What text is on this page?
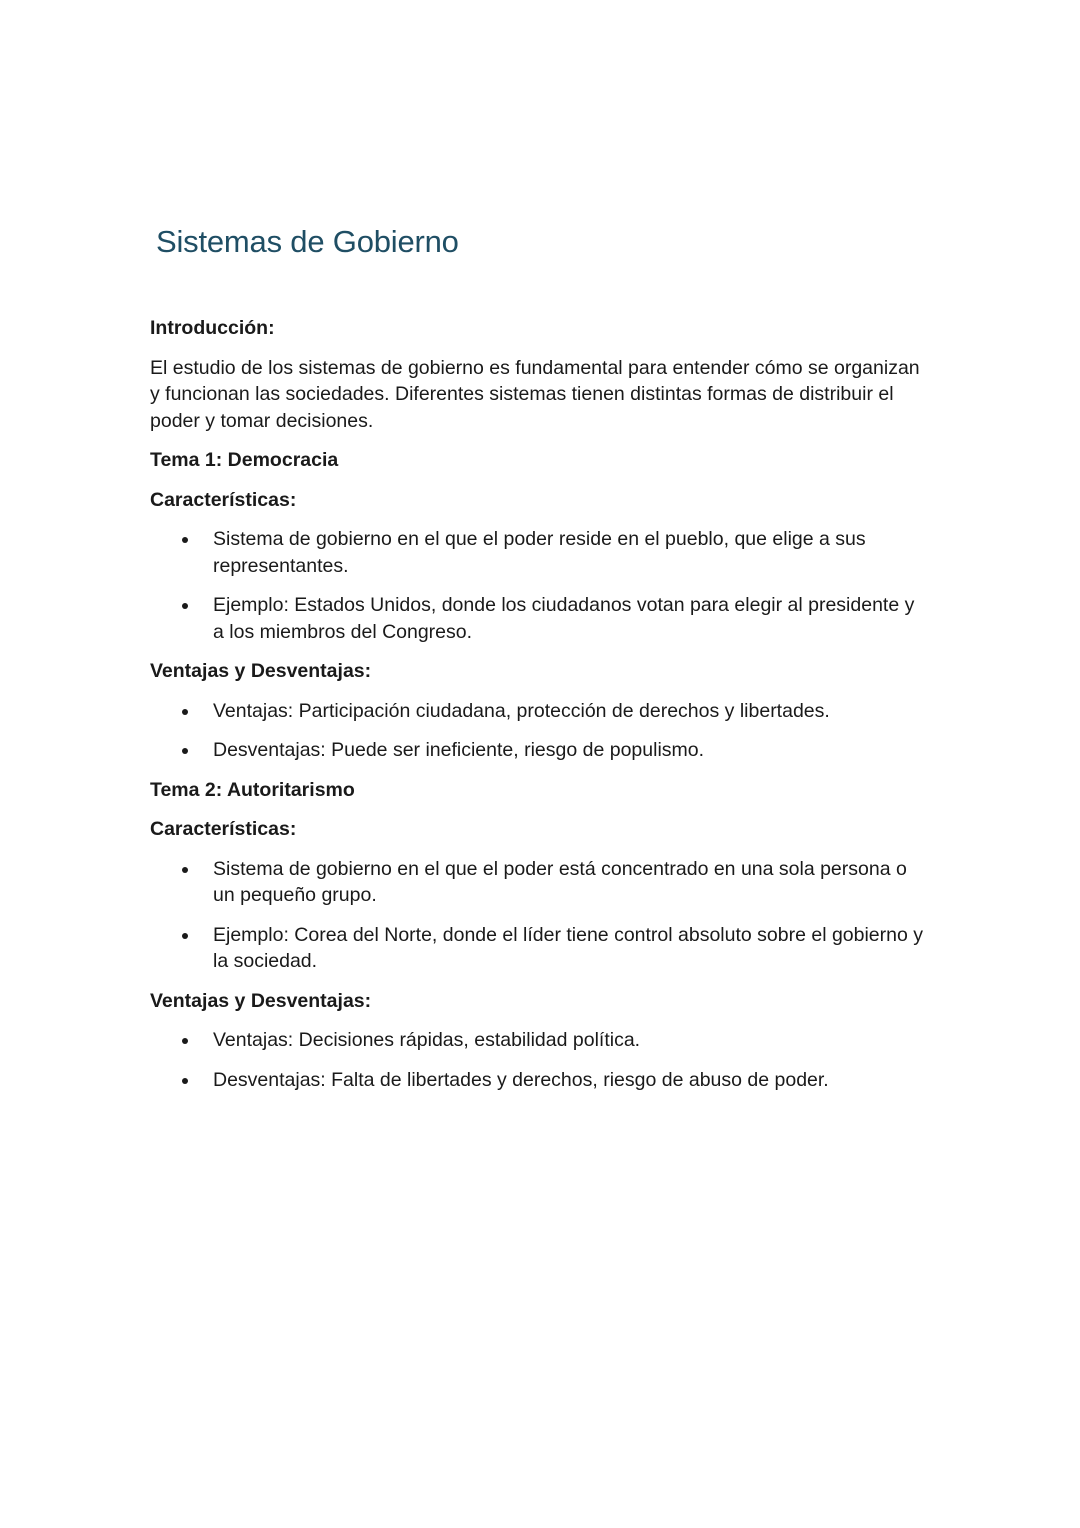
Sistemas de Gobierno

Introducción:

El estudio de los sistemas de gobierno es fundamental para entender cómo se organizan y funcionan las sociedades. Diferentes sistemas tienen distintas formas de distribuir el poder y tomar decisiones.

Tema 1: Democracia

Características:

Sistema de gobierno en el que el poder reside en el pueblo, que elige a sus representantes.
Ejemplo: Estados Unidos, donde los ciudadanos votan para elegir al presidente y a los miembros del Congreso.

Ventajas y Desventajas:

Ventajas: Participación ciudadana, protección de derechos y libertades.
Desventajas: Puede ser ineficiente, riesgo de populismo.

Tema 2: Autoritarismo

Características:

Sistema de gobierno en el que el poder está concentrado en una sola persona o un pequeño grupo.
Ejemplo: Corea del Norte, donde el líder tiene control absoluto sobre el gobierno y la sociedad.

Ventajas y Desventajas:

Ventajas: Decisiones rápidas, estabilidad política.
Desventajas: Falta de libertades y derechos, riesgo de abuso de poder.
